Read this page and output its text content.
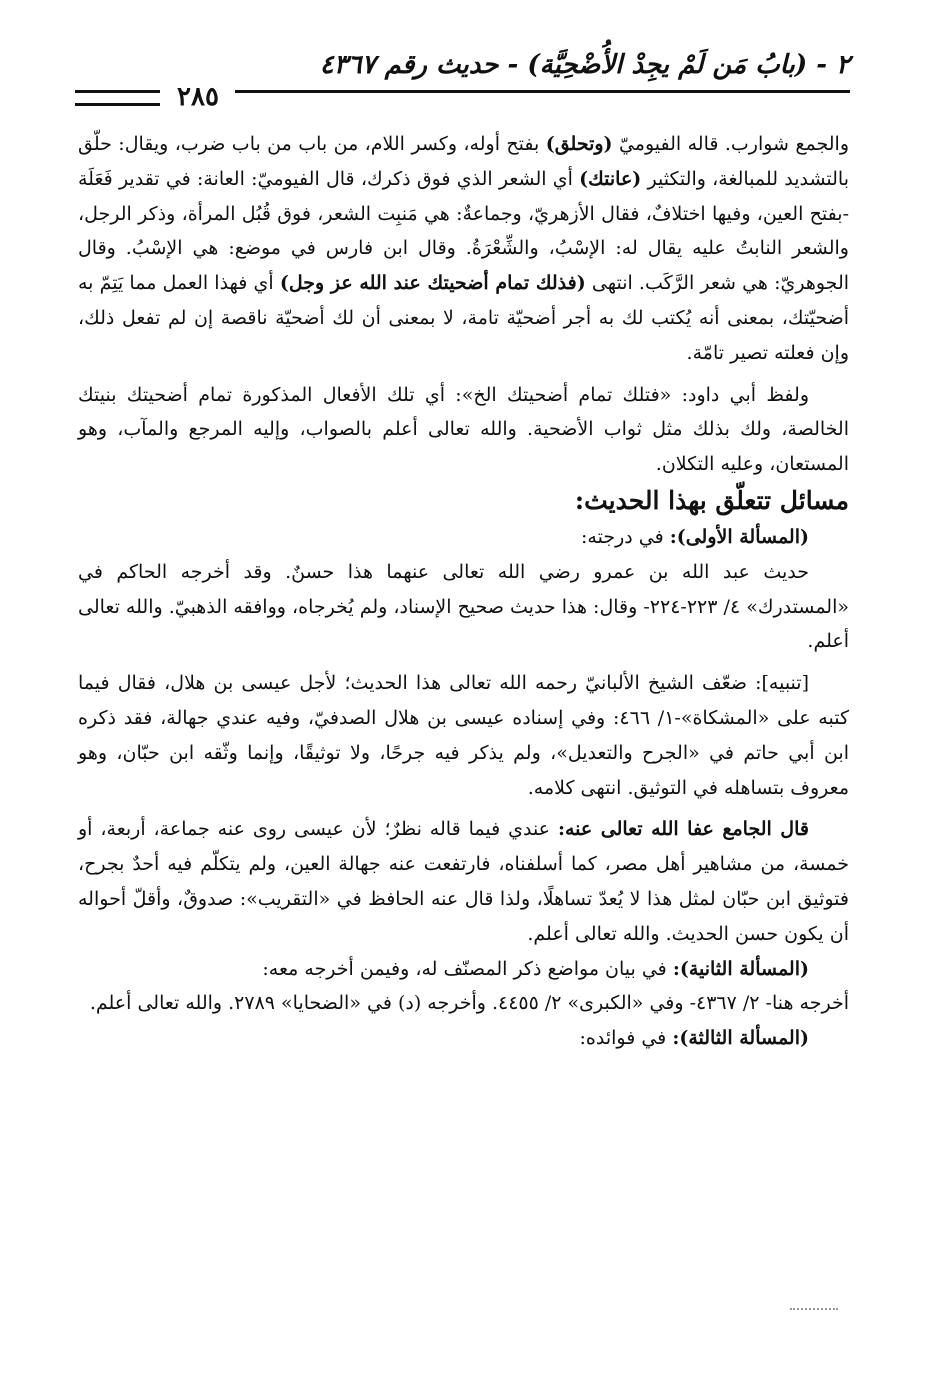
٢ - (بابُ مَن لَمْ يجِدْ الأُضْحِيَّة) - حديث رقم ٤٣٦٧
٢٨٥

والجمع شوارب. قاله الفيوميّ (وتحلق) بفتح أوله، وكسر اللام، من باب من باب ضرب، ويقال: حلّق بالتشديد للمبالغة، والتكثير (عانتك) أي الشعر الذي فوق ذكرك، قال الفيوميّ: العانة: في تقدير فَعَلَة -بفتح العين، وفيها اختلافٌ، فقال الأزهريّ، وجماعةٌ: هي مَنبِت الشعر، فوق قُبُل المرأة، وذكر الرجل، والشعر النابتُ عليه يقال له: الإسْبُ، والشِّعْرَةُ. وقال ابن فارس في موضع: هي الإسْبُ. وقال الجوهريّ: هي شعر الرَّكَب. انتهى (فذلك تمام أضحيتك عند الله عز وجل) أي فهذا العمل مما يَتِمّ به أضحيّتك، بمعنى أنه يُكتب لك به أجر أضحيّة تامة، لا بمعنى أن لك أضحيّة ناقصة إن لم تفعل ذلك، وإن فعلته تصير تامّة.

ولفظ أبي داود: «فتلك تمام أضحيتك الخ»: أي تلك الأفعال المذكورة تمام أضحيتك بنيتك الخالصة، ولك بذلك مثل ثواب الأضحية. والله تعالى أعلم بالصواب، وإليه المرجع والمآب، وهو المستعان، وعليه التكلان.

مسائل تتعلّق بهذا الحديث:

(المسألة الأولى): في درجته:

حديث عبد الله بن عمرو رضي الله تعالى عنهما هذا حسنٌ. وقد أخرجه الحاكم في «المستدرك» ٤/ ٢٢٣-٢٢٤- وقال: هذا حديث صحيح الإسناد، ولم يُخرجاه، ووافقه الذهبيّ. والله تعالى أعلم.

[تنبيه]: ضعّف الشيخ الألبانيّ رحمه الله تعالى هذا الحديث؛ لأجل عيسى بن هلال، فقال فيما كتبه على «المشكاة»-١/ ٤٦٦: وفي إسناده عيسى بن هلال الصدفيّ، وفيه عندي جهالة، فقد ذكره ابن أبي حاتم في «الجرح والتعديل»، ولم يذكر فيه جرحًا، ولا توثيقًا، وإنما وثّقه ابن حبّان، وهو معروف بتساهله في التوثيق. انتهى كلامه.

قال الجامع عفا الله تعالى عنه: عندي فيما قاله نظرٌ؛ لأن عيسى روى عنه جماعة، أربعة، أو خمسة، من مشاهير أهل مصر، كما أسلفناه، فارتفعت عنه جهالة العين، ولم يتكلّم فيه أحدٌ بجرح، فتوثيق ابن حبّان لمثل هذا لا يُعدّ تساهلًا، ولذا قال عنه الحافظ في «التقريب»: صدوقٌ، وأقلّ أحواله أن يكون حسن الحديث. والله تعالى أعلم.

(المسألة الثانية): في بيان مواضع ذكر المصنّف له، وفيمن أخرجه معه:

أخرجه هنا- ٢/ ٤٣٦٧- وفي «الكبرى» ٢/ ٤٤٥٥. وأخرجه (د) في «الضحايا» ٢٧٨٩. والله تعالى أعلم.

(المسألة الثالثة): في فوائده:
